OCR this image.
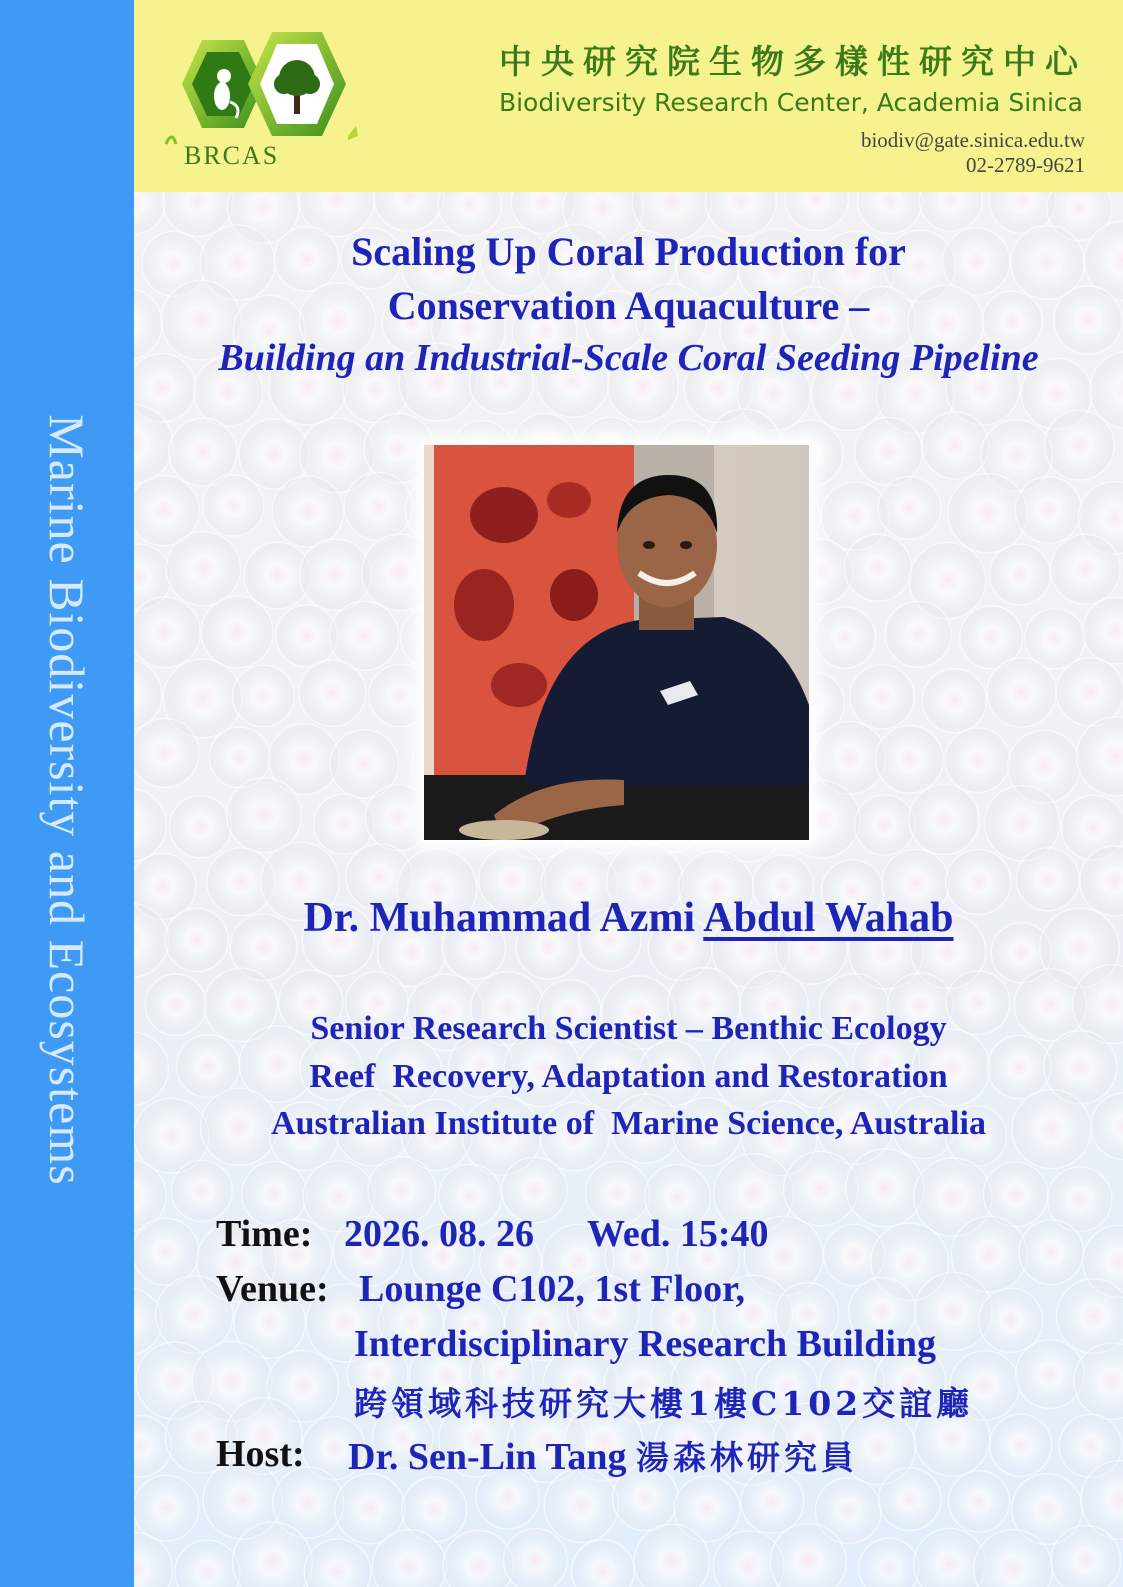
Marine Biodiversity and Ecosystems
BRCAS
中央研究院生物多樣性研究中心
Biodiversity Research Center, Academia Sinica
biodiv@gate.sinica.edu.tw
02-2789-9621
Scaling Up Coral Production for
Conservation Aquaculture –
Building an Industrial-Scale Coral Seeding Pipeline
Dr. Muhammad Azmi Abdul Wahab
Senior Research Scientist – Benthic Ecology
Reef  Recovery, Adaptation and Restoration
Australian Institute of  Marine Science, Australia
Time: 2026. 08. 26 Wed. 15:40
Venue: Lounge C102, 1st Floor,
Interdisciplinary Research Building
跨領域科技研究大樓1樓C102交誼廳
Host: Dr. Sen-Lin Tang 湯森林研究員
